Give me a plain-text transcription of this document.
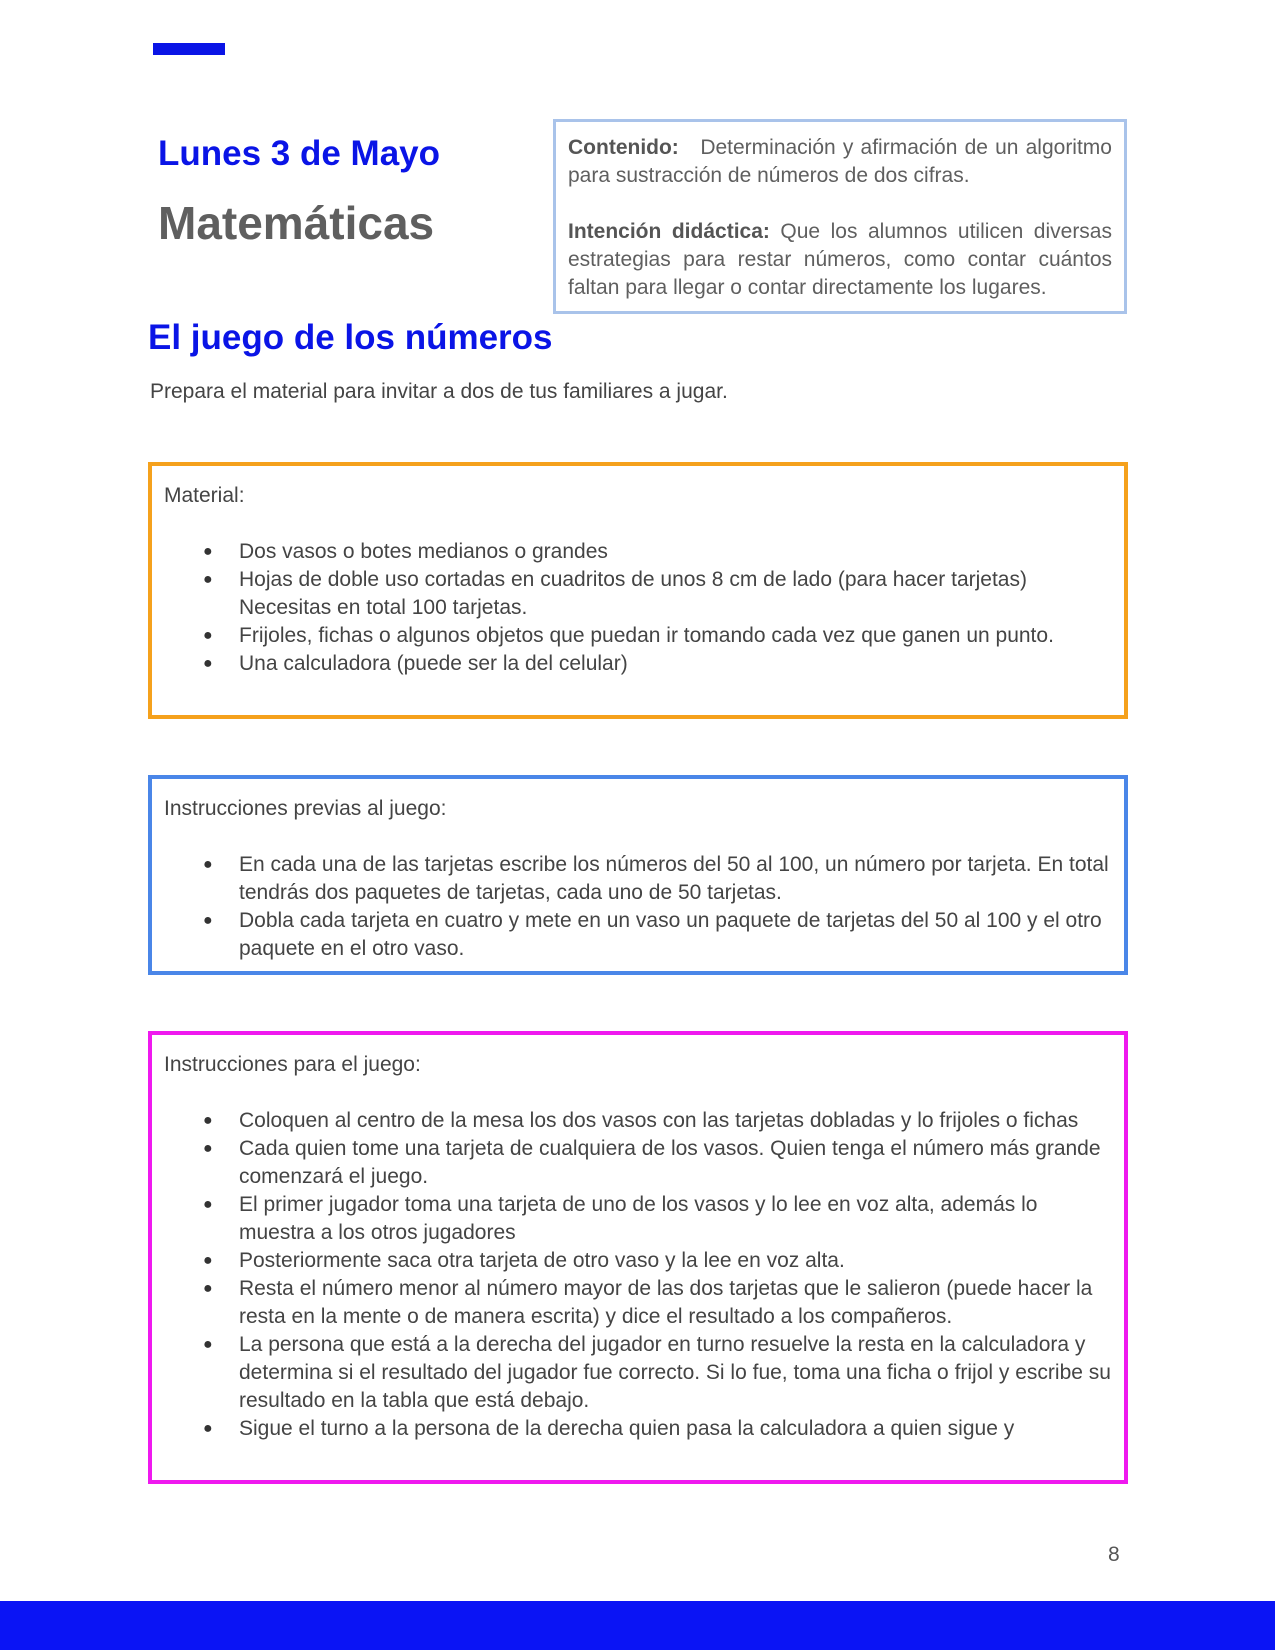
Lunes 3 de Mayo
Matemáticas

Contenido: Determinación y afirmación de un algoritmo para sustracción de números de dos cifras.

Intención didáctica: Que los alumnos utilicen diversas estrategias para restar números, como contar cuántos faltan para llegar o contar directamente los lugares.

El juego de los números
Prepara el material para invitar a dos de tus familiares a jugar.

Material:

● Dos vasos o botes medianos o grandes
● Hojas de doble uso cortadas en cuadritos de unos 8 cm de lado (para hacer tarjetas) Necesitas en total 100 tarjetas.
● Frijoles, fichas o algunos objetos que puedan ir tomando cada vez que ganen un punto.
● Una calculadora (puede ser la del celular)

Instrucciones previas al juego:

● En cada una de las tarjetas escribe los números del 50 al 100, un número por tarjeta. En total tendrás dos paquetes de tarjetas, cada uno de 50 tarjetas.
● Dobla cada tarjeta en cuatro y mete en un vaso un paquete de tarjetas del 50 al 100 y el otro paquete en el otro vaso.

Instrucciones para el juego:

● Coloquen al centro de la mesa los dos vasos con las tarjetas dobladas y lo frijoles o fichas
● Cada quien tome una tarjeta de cualquiera de los vasos. Quien tenga el número más grande comenzará el juego.
● El primer jugador toma una tarjeta de uno de los vasos y lo lee en voz alta, además lo muestra a los otros jugadores
● Posteriormente saca otra tarjeta de otro vaso y la lee en voz alta.
● Resta el número menor al número mayor de las dos tarjetas que le salieron (puede hacer la resta en la mente o de manera escrita) y dice el resultado a los compañeros.
● La persona que está a la derecha del jugador en turno resuelve la resta en la calculadora y determina si el resultado del jugador fue correcto. Si lo fue, toma una ficha o frijol y escribe su resultado en la tabla que está debajo.
● Sigue el turno a la persona de la derecha quien pasa la calculadora a quien sigue y
8
